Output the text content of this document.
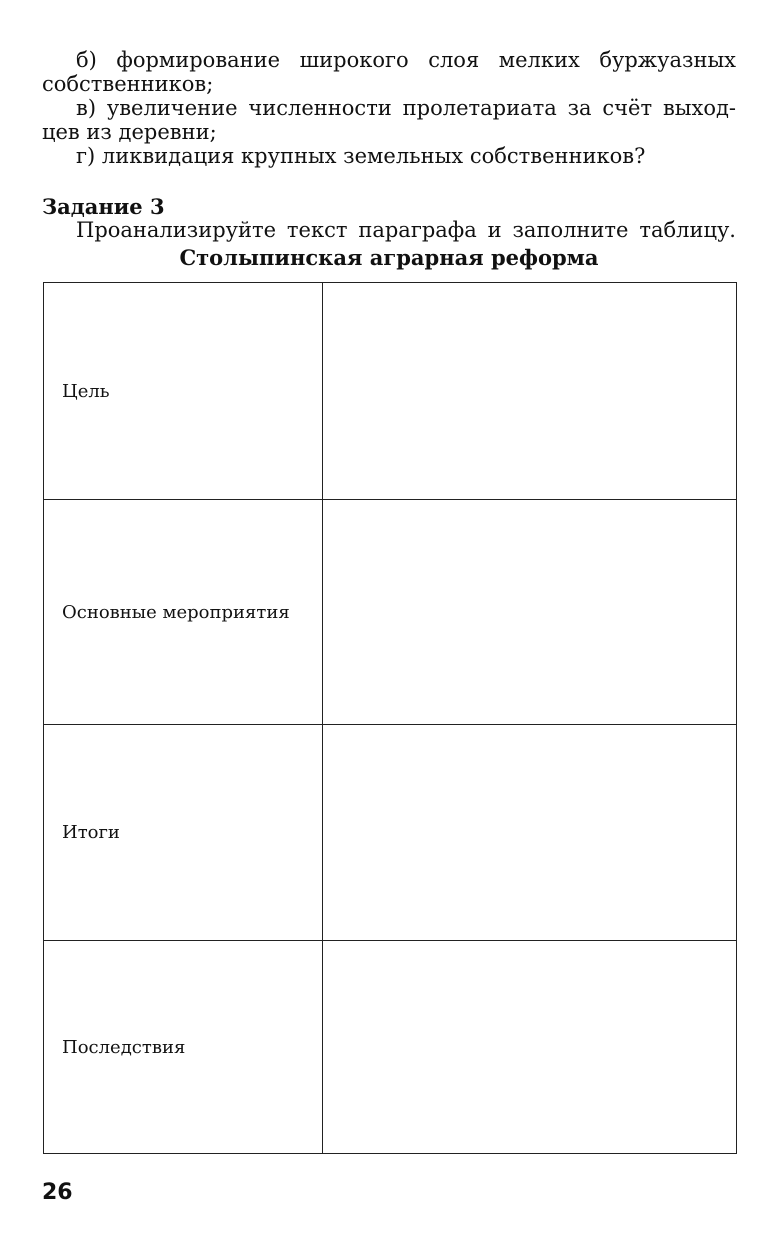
б) формирование широкого слоя мелких буржуазных
собственников;
в) увеличение численности пролетариата за счёт выход-
цев из деревни;
г) ликвидация крупных земельных собственников?
Задание 3
Проанализируйте текст параграфа и заполните таблицу.
Столыпинская аграрная реформа
Цель
Основные мероприятия
Итоги
Последствия
26
